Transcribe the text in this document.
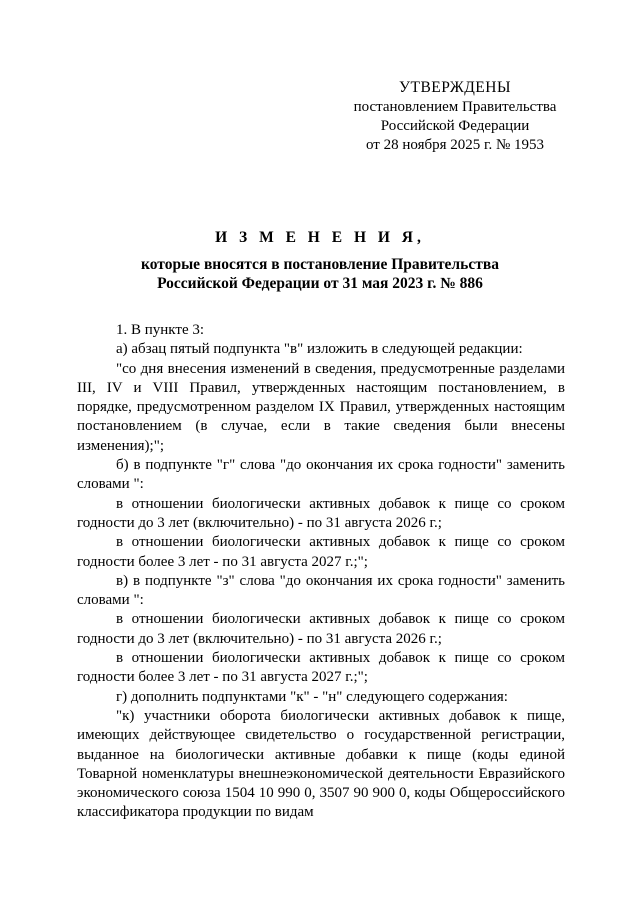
УТВЕРЖДЕНЫ
постановлением Правительства
Российской Федерации
от 28 ноября 2025 г. № 1953
И З М Е Н Е Н И Я,
которые вносятся в постановление Правительства
Российской Федерации от 31 мая 2023 г. № 886

1. В пункте 3:

а) абзац пятый подпункта "в" изложить в следующей редакции:

"со дня внесения изменений в сведения, предусмотренные разделами III, IV и VIII Правил, утвержденных настоящим постановлением, в порядке, предусмотренном разделом IX Правил, утвержденных настоящим постановлением (в случае, если в такие сведения были внесены изменения);";

б) в подпункте "г" слова "до окончания их срока годности" заменить словами ":

в отношении биологически активных добавок к пище со сроком годности до 3 лет (включительно) - по 31 августа 2026 г.;

в отношении биологически активных добавок к пище со сроком годности более 3 лет - по 31 августа 2027 г.;";

в) в подпункте "з" слова "до окончания их срока годности" заменить словами ":

в отношении биологически активных добавок к пище со сроком годности до 3 лет (включительно) - по 31 августа 2026 г.;

в отношении биологически активных добавок к пище со сроком годности более 3 лет - по 31 августа 2027 г.;";

г) дополнить подпунктами "к" - "н" следующего содержания:

"к) участники оборота биологически активных добавок к пище, имеющих действующее свидетельство о государственной регистрации, выданное на биологически активные добавки к пище (коды единой Товарной номенклатуры внешнеэкономической деятельности Евразийского экономического союза 1504 10 990 0, 3507 90 900 0, коды Общероссийского классификатора продукции по видам
